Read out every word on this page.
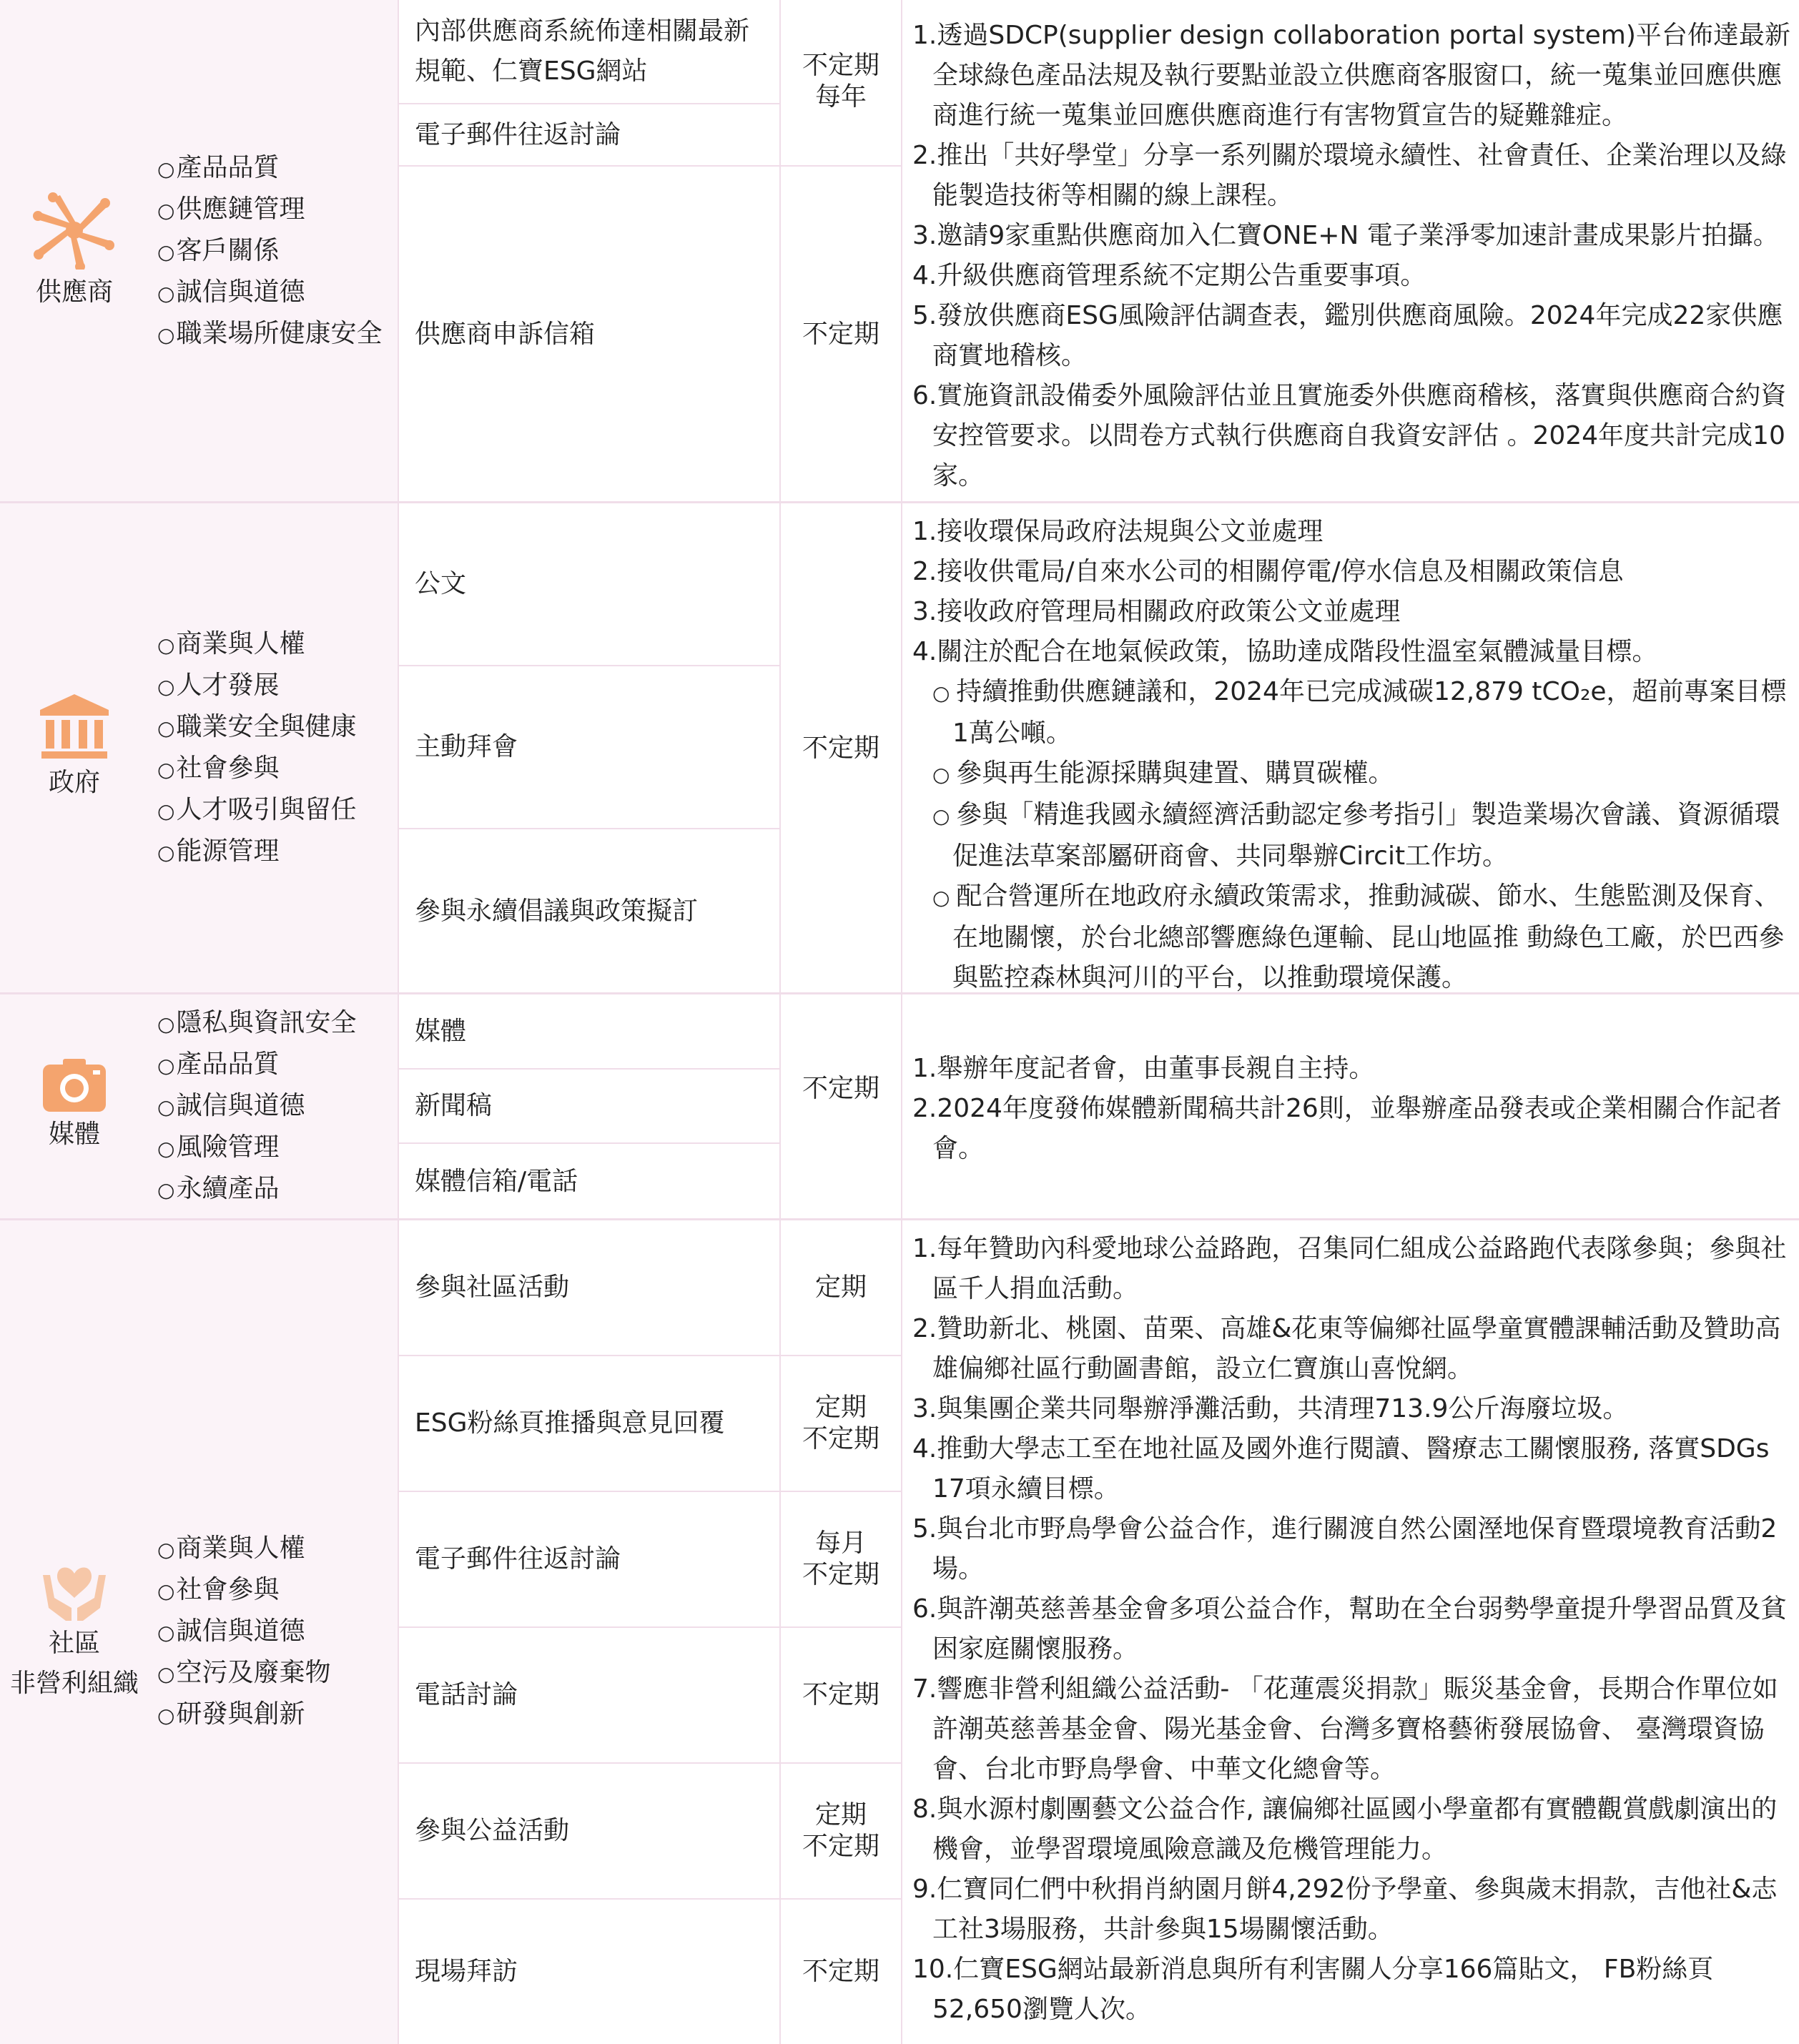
供應商
○ 產品品質
○ 供應鏈管理
○ 客戶關係
○ 誠信與道德
○ 職業場所健康安全
內部供應商系統佈達相關最新規範、仁寶ESG網站
電子郵件往返討論
供應商申訴信箱
不定期
每年
不定期
1.透過SDCP(supplier design collaboration portal system)平台佈達最新全球綠色產品法規及執行要點並設立供應商客服窗口，統一蒐集並回應供應商進行統一蒐集並回應供應商進行有害物質宣告的疑難雜症。
2.推出「共好學堂」分享一系列關於環境永續性、社會責任、企業治理以及綠能製造技術等相關的線上課程。
3.邀請9家重點供應商加入仁寶ONE+N 電子業淨零加速計畫成果影片拍攝。
4.升級供應商管理系統不定期公告重要事項。
5.發放供應商ESG風險評估調查表，鑑別供應商風險。2024年完成22家供應商實地稽核。
6.實施資訊設備委外風險評估並且實施委外供應商稽核，落實與供應商合約資安控管要求。以問卷方式執行供應商自我資安評估 。2024年度共計完成10家。
政府
○ 商業與人權
○ 人才發展
○ 職業安全與健康
○ 社會參與
○ 人才吸引與留任
○ 能源管理
公文
主動拜會
參與永續倡議與政策擬訂
不定期
1.接收環保局政府法規與公文並處理
2.接收供電局/自來水公司的相關停電/停水信息及相關政策信息
3.接收政府管理局相關政府政策公文並處理
4.關注於配合在地氣候政策，協助達成階段性溫室氣體減量目標。
○ 持續推動供應鏈議和，2024年已完成減碳12,879 tCO₂e，超前專案目標1萬公噸。
○ 參與再生能源採購與建置、購買碳權。
○ 參與「精進我國永續經濟活動認定參考指引」製造業場次會議、資源循環促進法草案部屬研商會、共同舉辦Circit工作坊。
○ 配合營運所在地政府永續政策需求，推動減碳、節水、生態監測及保育、在地關懷，於台北總部響應綠色運輸、昆山地區推 動綠色工廠，於巴西參與監控森林與河川的平台，以推動環境保護。
媒體
○ 隱私與資訊安全
○ 產品品質
○ 誠信與道德
○ 風險管理
○ 永續產品
媒體
新聞稿
媒體信箱/電話
不定期
1.舉辦年度記者會，由董事長親自主持。
2.2024年度發佈媒體新聞稿共計26則，並舉辦產品發表或企業相關合作記者會。
社區
非營利組織
○ 商業與人權
○ 社會參與
○ 誠信與道德
○ 空污及廢棄物
○ 研發與創新
參與社區活動
ESG粉絲頁推播與意見回覆
電子郵件往返討論
電話討論
參與公益活動
現場拜訪
定期
定期
不定期
每月
不定期
不定期
定期
不定期
不定期
1.每年贊助內科愛地球公益路跑，召集同仁組成公益路跑代表隊參與；參與社區千人捐血活動。
2.贊助新北、桃園、苗栗、高雄&花東等偏鄉社區學童實體課輔活動及贊助高雄偏鄉社區行動圖書館，設立仁寶旗山喜悅網。
3.與集團企業共同舉辦淨灘活動，共清理713.9公斤海廢垃圾。
4.推動大學志工至在地社區及國外進行閱讀、醫療志工關懷服務, 落實SDGs 17項永續目標。
5.與台北市野鳥學會公益合作，進行關渡自然公園溼地保育暨環境教育活動2場。
6.與許潮英慈善基金會多項公益合作，幫助在全台弱勢學童提升學習品質及貧困家庭關懷服務。
7.響應非營利組織公益活動- 「花蓮震災捐款」賑災基金會，長期合作單位如許潮英慈善基金會、陽光基金會、台灣多寶格藝術發展協會、 臺灣環資協會、台北市野鳥學會、中華文化總會等。
8.與水源村劇團藝文公益合作, 讓偏鄉社區國小學童都有實體觀賞戲劇演出的機會，並學習環境風險意識及危機管理能力。
9.仁寶同仁們中秋捐肖納園月餅4,292份予學童、參與歲末捐款，吉他社&志工社3場服務，共計參與15場關懷活動。
10.仁寶ESG網站最新消息與所有利害關人分享166篇貼文， FB粉絲頁52,650瀏覽人次。
